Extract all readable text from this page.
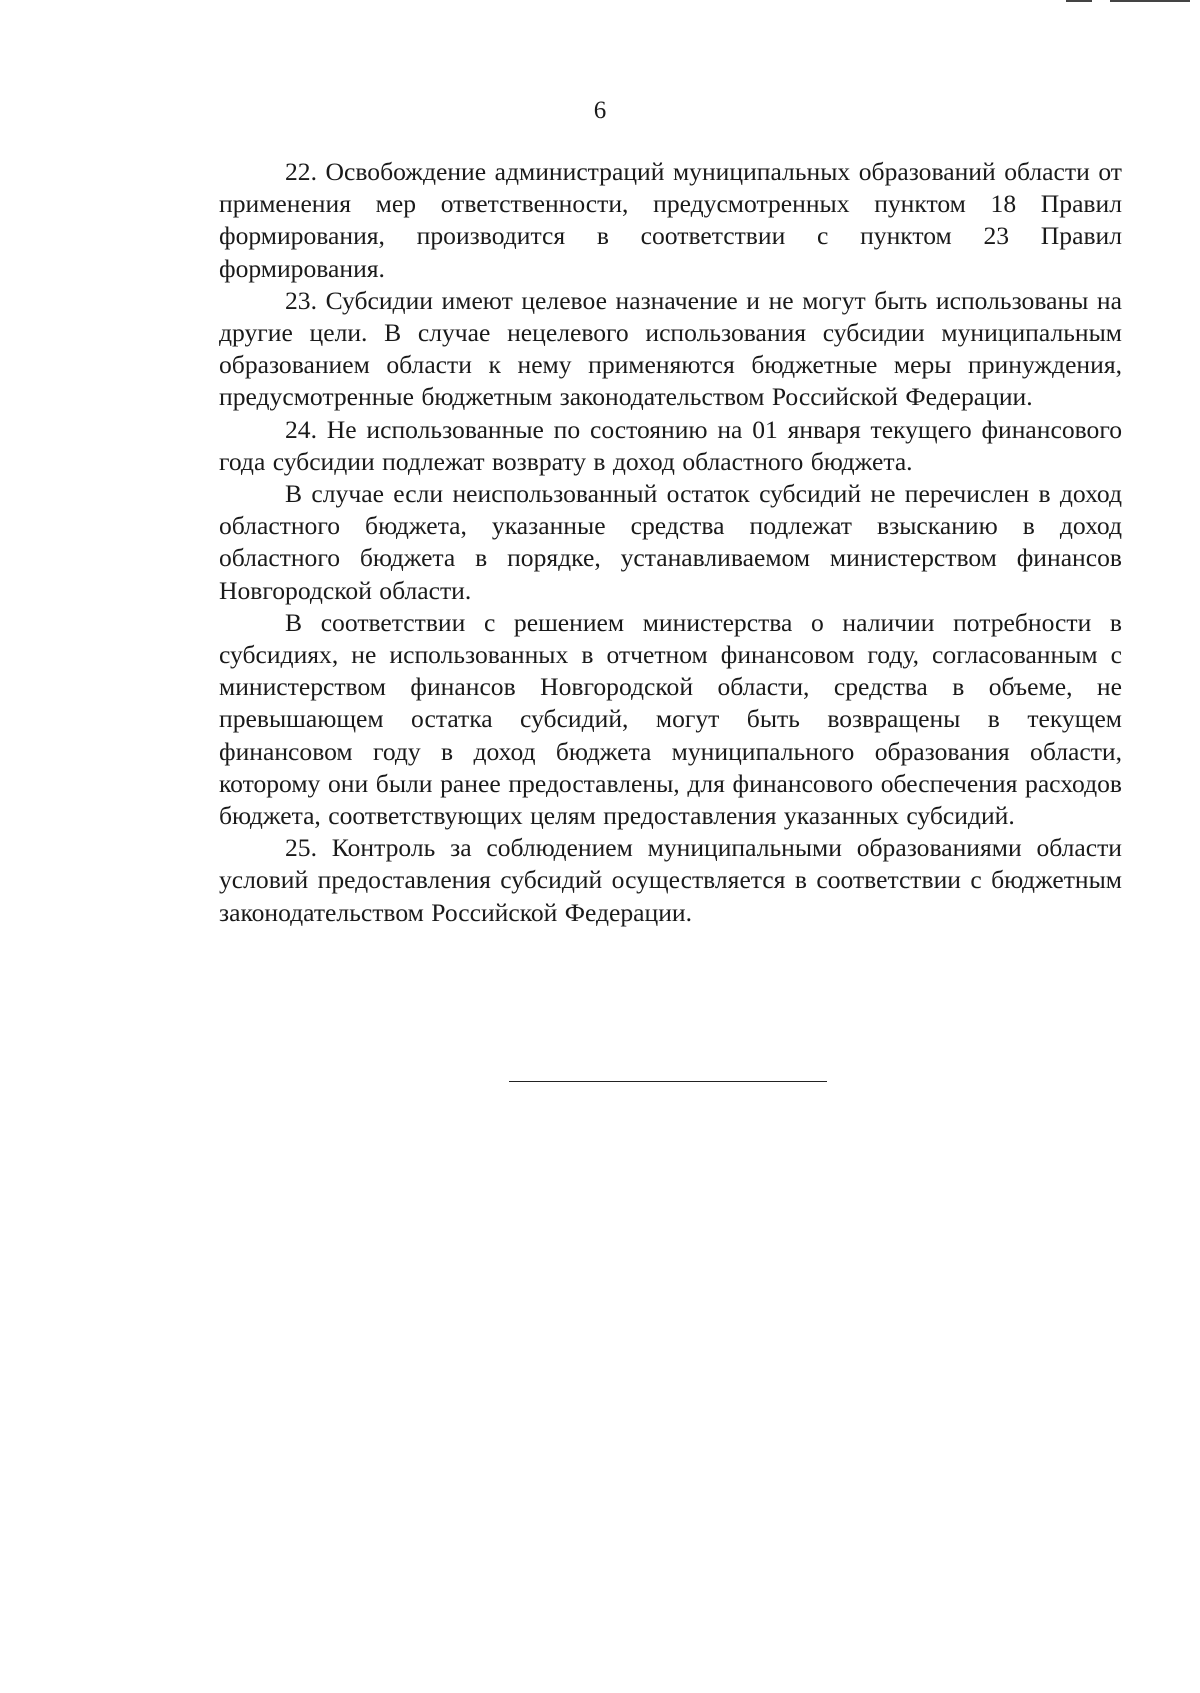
6

22. Освобождение администраций муниципальных образований области от применения мер ответственности, предусмотренных пунктом 18 Правил формирования, производится в соответствии с пунктом 23 Правил формирования.

23. Субсидии имеют целевое назначение и не могут быть использованы на другие цели. В случае нецелевого использования субсидии муниципальным образованием области к нему применяются бюджетные меры принуждения, предусмотренные бюджетным законодательством Российской Федерации.

24. Не использованные по состоянию на 01 января текущего финансового года субсидии подлежат возврату в доход областного бюджета.

В случае если неиспользованный остаток субсидий не перечислен в доход областного бюджета, указанные средства подлежат взысканию в доход областного бюджета в порядке, устанавливаемом министерством финансов Новгородской области.

В соответствии с решением министерства о наличии потребности в субсидиях, не использованных в отчетном финансовом году, согласованным с министерством финансов Новгородской области, средства в объеме, не превышающем остатка субсидий, могут быть возвращены в текущем финансовом году в доход бюджета муниципального образования области, которому они были ранее предоставлены, для финансового обеспечения расходов бюджета, соответствующих целям предоставления указанных субсидий.

25. Контроль за соблюдением муниципальными образованиями области условий предоставления субсидий осуществляется в соответствии с бюджетным законодательством Российской Федерации.
